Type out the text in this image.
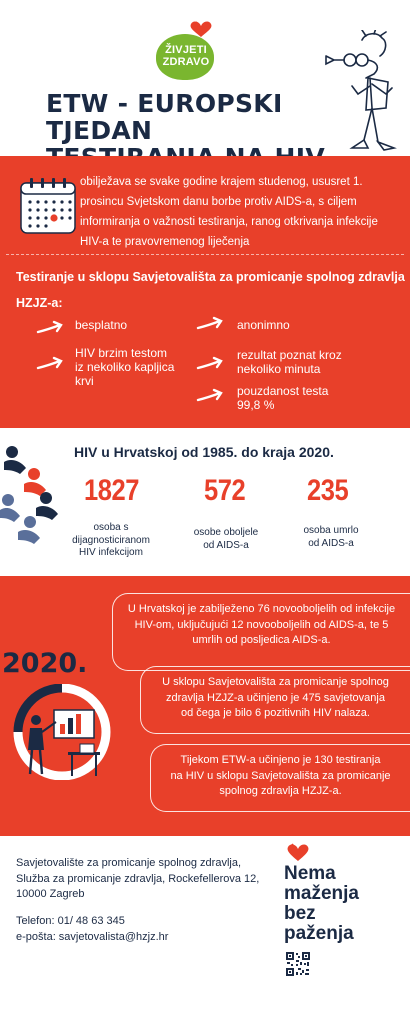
ŽIVJETI
ZDRAVO
ETW - EUROPSKI TJEDAN
obilježava se svake godine krajem studenog, ususret 1. prosincu Svjetskom danu borbe protiv AIDS-a, s ciljem informiranja o važnosti testiranja, ranog otkrivanja infekcije HIV-a te pravovremenog liječenja
Testiranje u sklopu Savjetovališta za promicanje spolnog zdravlja
HZJZ-a:
besplatno
HIV brzim testom
iz nekoliko kapljica
krvi
anonimno
rezultat poznat kroz
nekoliko minuta
pouzdanost testa
99,8 %
HIV u Hrvatskoj od 1985. do kraja 2020.
1827 572 235
osoba s
dijagnosticiranom
HIV infekcijom
osobe oboljele
od AIDS-a
osoba umrlo
od AIDS-a
2020.
U Hrvatskoj je zabilježeno 76 novooboljelih od infekcije
HIV-om, uključujući 12 novooboljelih od AIDS-a, te 5
umrlih od posljedica AIDS-a.
U sklopu Savjetovališta za promicanje spolnog
zdravlja HZJZ-a učinjeno je 475 savjetovanja
od čega je bilo 6 pozitivnih HIV nalaza.
Tijekom ETW-a učinjeno je 130 testiranja
na HIV u sklopu Savjetovališta za promicanje
spolnog zdravlja HZJZ-a.
Savjetovalište za promicanje spolnog zdravlja,
Služba za promicanje zdravlja, Rockefellerova 12,
10000 Zagreb
Telefon: 01/ 48 63 345
e-pošta: savjetovalista@hzjz.hr
Nema
maženja
bez
paženja
